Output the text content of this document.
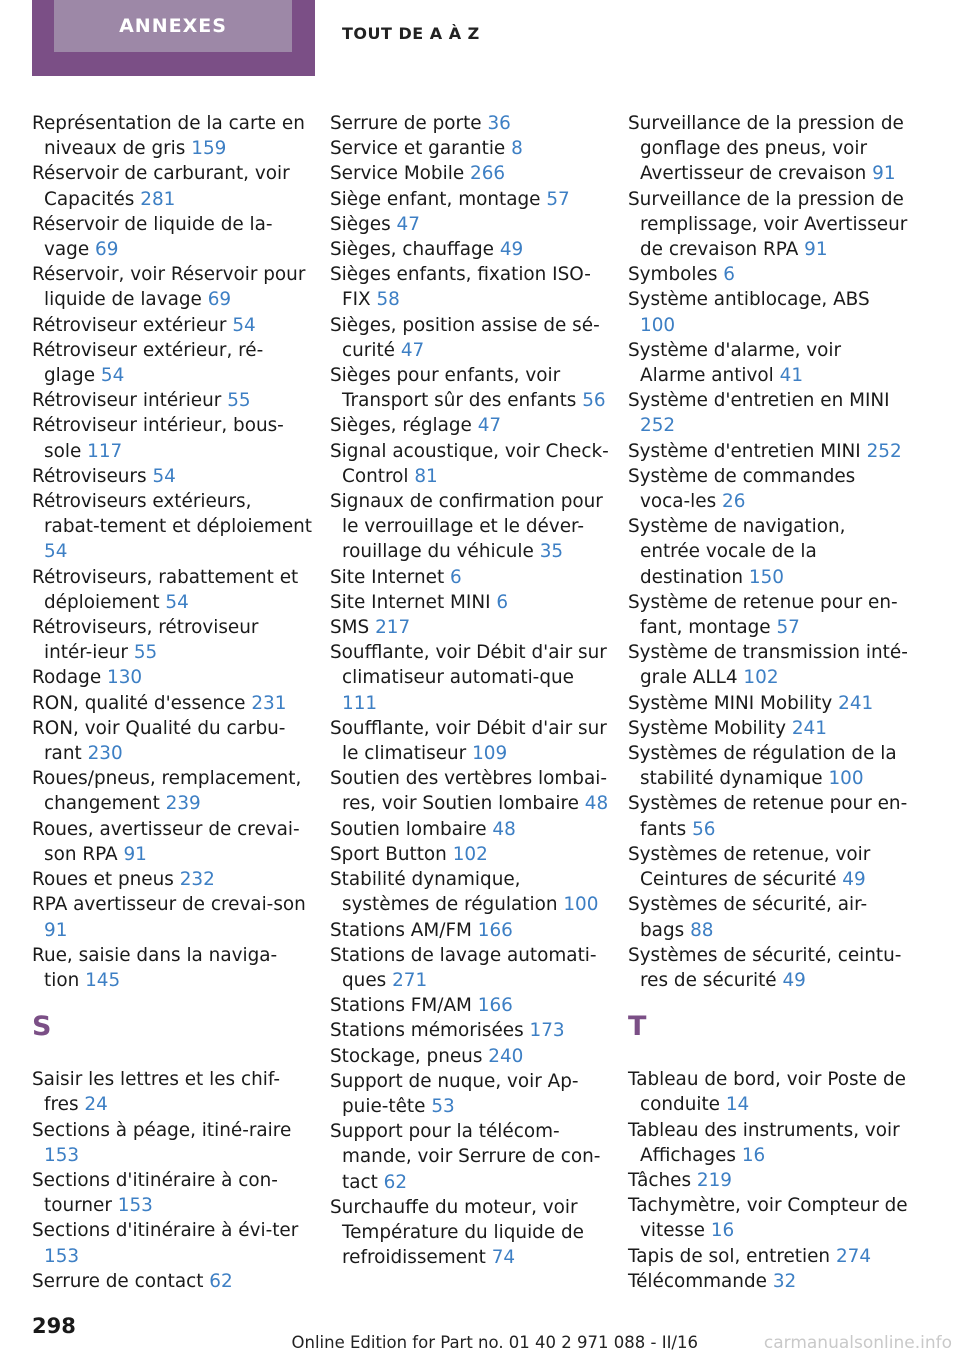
ANNEXES	TOUT DE A À Z
Représentation de la carte en niveaux de gris 159
Réservoir de carburant, voir Capacités 281
Réservoir de liquide de la-vage 69
Réservoir, voir Réservoir pour liquide de lavage 69
Rétroviseur extérieur 54
Rétroviseur extérieur, ré-glage 54
Rétroviseur intérieur 55
Rétroviseur intérieur, bous-sole 117
Rétroviseurs 54
Rétroviseurs extérieurs, rabat-tement et déploiement 54
Rétroviseurs, rabattement et déploiement 54
Rétroviseurs, rétroviseur intér-ieur 55
Rodage 130
RON, qualité d'essence 231
RON, voir Qualité du carbu-rant 230
Roues/pneus, remplacement, changement 239
Roues, avertisseur de crevai-son RPA 91
Roues et pneus 232
RPA avertisseur de crevai-son 91
Rue, saisie dans la naviga-tion 145
S
Saisir les lettres et les chif-fres 24
Sections à péage, itiné-raire 153
Sections d'itinéraire à con-tourner 153
Sections d'itinéraire à évi-ter 153
Serrure de contact 62
Serrure de porte 36
Service et garantie 8
Service Mobile 266
Siège enfant, montage 57
Sièges 47
Sièges, chauffage 49
Sièges enfants, fixation ISO-FIX 58
Sièges, position assise de sé-curité 47
Sièges pour enfants, voir Transport sûr des enfants 56
Sièges, réglage 47
Signal acoustique, voir Check-Control 81
Signaux de confirmation pour le verrouillage et le déver-rouillage du véhicule 35
Site Internet 6
Site Internet MINI 6
SMS 217
Soufflante, voir Débit d'air sur climatiseur automati-que 111
Soufflante, voir Débit d'air sur le climatiseur 109
Soutien des vertèbres lombai-res, voir Soutien lombaire 48
Soutien lombaire 48
Sport Button 102
Stabilité dynamique, systèmes de régulation 100
Stations AM/FM 166
Stations de lavage automati-ques 271
Stations FM/AM 166
Stations mémorisées 173
Stockage, pneus 240
Support de nuque, voir Ap-puie-tête 53
Support pour la télécom-mande, voir Serrure de con-tact 62
Surchauffe du moteur, voir Température du liquide de refroidissement 74
Surveillance de la pression de gonflage des pneus, voir Avertisseur de crevaison 91
Surveillance de la pression de remplissage, voir Avertisseur de crevaison RPA 91
Symboles 6
Système antiblocage, ABS 100
Système d'alarme, voir Alarme antivol 41
Système d'entretien en MINI 252
Système d'entretien MINI 252
Système de commandes voca-les 26
Système de navigation, entrée vocale de la destination 150
Système de retenue pour en-fant, montage 57
Système de transmission inté-grale ALL4 102
Système MINI Mobility 241
Système Mobility 241
Systèmes de régulation de la stabilité dynamique 100
Systèmes de retenue pour en-fants 56
Systèmes de retenue, voir Ceintures de sécurité 49
Systèmes de sécurité, air-bags 88
Systèmes de sécurité, ceintu-res de sécurité 49
T
Tableau de bord, voir Poste de conduite 14
Tableau des instruments, voir Affichages 16
Tâches 219
Tachymètre, voir Compteur de vitesse 16
Tapis de sol, entretien 274
Télécommande 32
298
Online Edition for Part no. 01 40 2 971 088 - II/16	carmanualsonline.info
